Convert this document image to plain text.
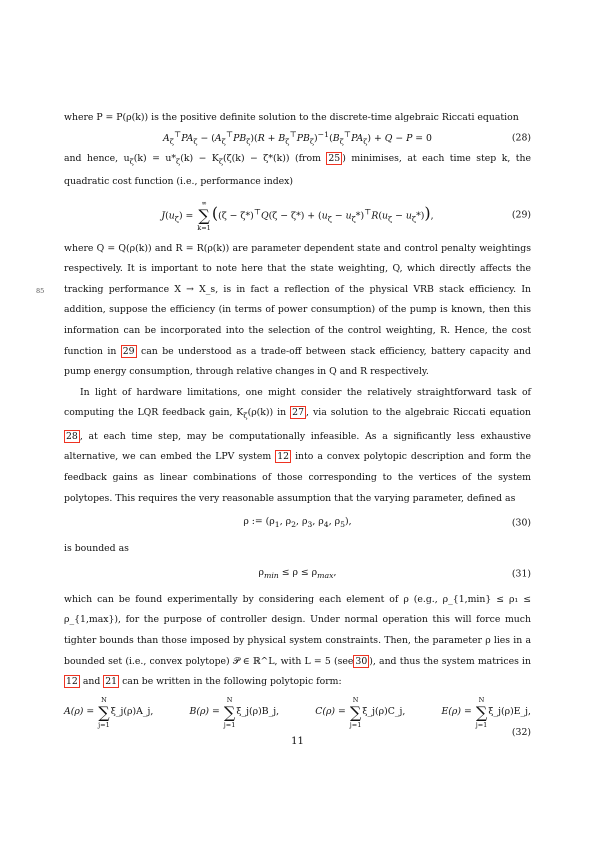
85

where P = P(ρ(k)) is the positive definite solution to the discrete-time algebraic Riccati equation

$A_\zeta^⊤PA_\zeta - (A_\zeta^⊤PB_\zeta)(R + B_\zeta^⊤PB_\zeta)^{-1}(B_\zeta^⊤PA_\zeta) + Q - P = 0$	(28)

and hence, $u_\zeta(k) = u*_\zeta(k) - K_\zeta(\zeta(k) - \zeta*(k))$ (from 25 ) minimises, at each time step k, the quadratic cost function (i.e., performance index)

$J(u_\zeta)$ =
∞
∑
k=1
$((\zeta - \zeta*)^⊤Q(\zeta - \zeta*) + (u_\zeta - u_\zeta*)^⊤R(u_\zeta - u_\zeta*))$,	(29)

where Q = Q(ρ(k)) and R = R(ρ(k)) are parameter dependent state and control penalty weightings respectively. It is important to note here that the state weighting, Q, which directly affects the tracking performance X → X_s, is in fact a reflection of the physical VRB stack efficiency. In addition, suppose the efficiency (in terms of power consumption) of the pump is known, then this information can be incorporated into the selection of the control weighting, R. Hence, the cost function in 29 can be understood as a trade-off between stack efficiency, battery capacity and pump energy consumption, through relative changes in Q and R respectively.

In light of hardware limitations, one might consider the relatively straightforward task of computing the LQR feedback gain, $K_\zeta(\rho(k))$ in 27 , via solution to the algebraic Riccati equation 28 , at each time step, may be computationally infeasible. As a significantly less exhaustive alternative, we can embed the LPV system 12 into a convex polytopic description and form the feedback gains as linear combinations of those corresponding to the vertices of the system polytopes. This requires the very reasonable assumption that the varying parameter, defined as

ρ := ($\rho_1$, $\rho_2$, $\rho_3$, $\rho_4$, $\rho_5$),	(30)

is bounded as

$\rho_{min} \le \rho \le \rho_{max}$,	(31)

which can be found experimentally by considering each element of ρ (e.g., ρ_{1,min} ≤ ρ₁ ≤ ρ_{1,max}), for the purpose of controller design. Under normal operation this will force much tighter bounds than those imposed by physical system constraints. Then, the parameter ρ lies in a bounded set (i.e., convex polytope) 𝒫 ∈ ℝ^L, with L = 5 (see 30 ), and thus the system matrices in 12 and 21 can be written in the following polytopic form:

A(ρ) =

N
∑
j=1
ξ_j(ρ)A_j,	B(ρ) =

N
∑
j=1
ξ_j(ρ)B_j,	C(ρ) =

N
∑
j=1
ξ_j(ρ)C_j,	E(ρ) =

N
∑
j=1
ξ_j(ρ)E_j,
(32)
11
